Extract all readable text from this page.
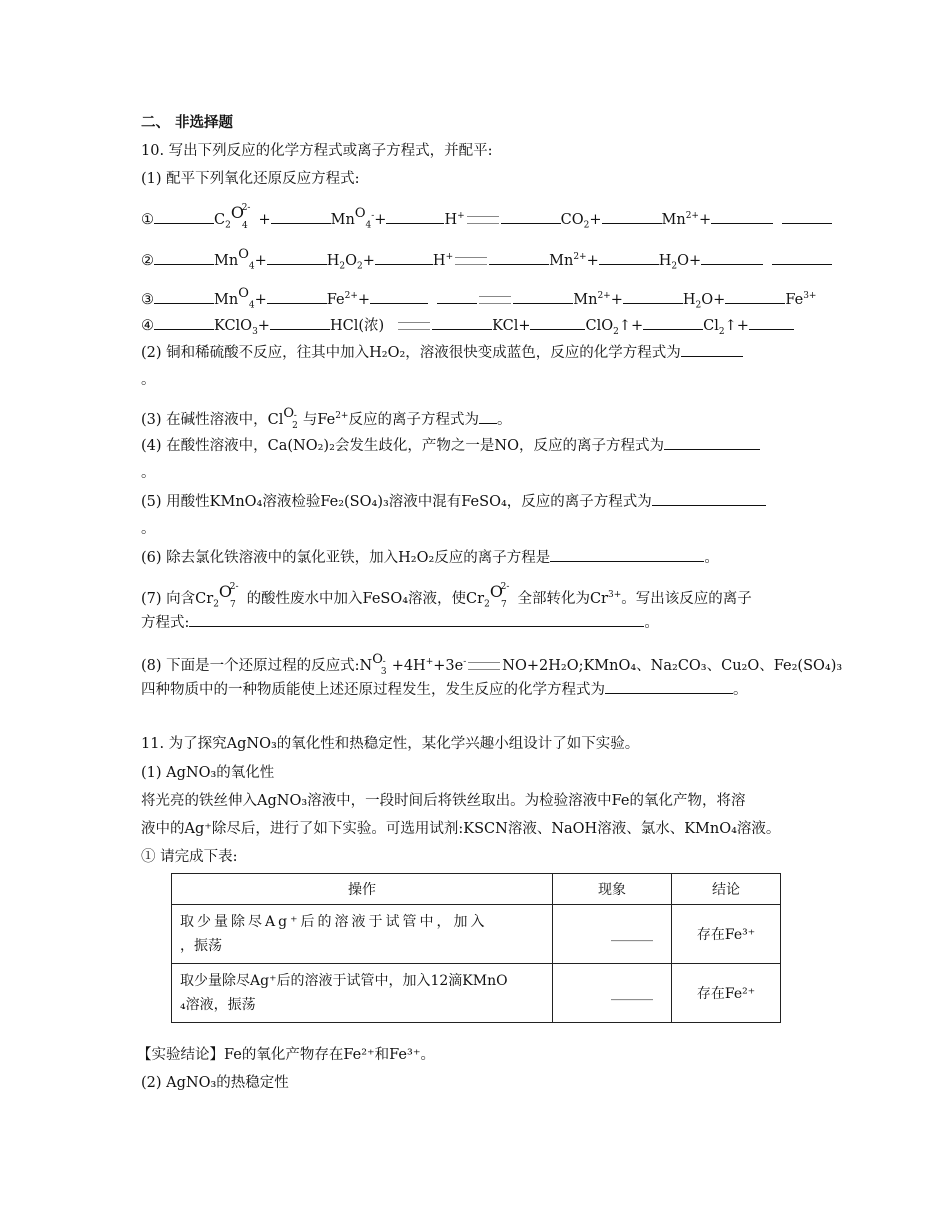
二、 非选择题
10. 写出下列反应的化学方程式或离子方程式，并配平:
(1) 配平下列氧化还原反应方程式:
①	$C_2O_4^{2-}+$	MnO$_4$-+	H+	$CO_2+$	$Mn^{2+}+$
②	MnO$_4$+	$H_2O_2+$	H+	$Mn^{2+}+$	$H_2O+$
③	MnO$_4$+	$Fe^{2+}+$	$Mn^{2+}+$	$H_2O+$	$Fe^{3+}$
④	KClO$_3$+	HCl(浓)	KCl+	ClO$_2$↑+	$Cl_2↑+$
(2) 铜和稀硫酸不反应，往其中加入H₂O₂，溶液很快变成蓝色，反应的化学方程式为
。
(3) 在碱性溶液中，ClO$_2$- 与$Fe^{2+}$反应的离子方程式为 。
(4) 在酸性溶液中，Ca(NO₂)₂会发生歧化，产物之一是NO，反应的离子方程式为
。
(5) 用酸性KMnO₄溶液检验Fe₂(SO₄)₃溶液中混有FeSO₄，反应的离子方程式为
。
(6) 除去氯化铁溶液中的氯化亚铁，加入H₂O₂反应的离子方程是	。
(7) 向含$Cr_2O_7^{2-}$的酸性废水中加入FeSO₄溶液，使$Cr_2O_7^{2-}$全部转化为$Cr^{3+}$。写出该反应的离子
方程式:	。
(8) 下面是一个还原过程的反应式$:NO_3^- +4H^++3e^-$ NO+2H₂O;KMnO₄、Na₂CO₃、Cu₂O、Fe₂(SO₄)₃
四种物质中的一种物质能使上述还原过程发生，发生反应的化学方程式为	。
11. 为了探究AgNO₃的氧化性和热稳定性，某化学兴趣小组设计了如下实验。
(1) AgNO₃的氧化性
将光亮的铁丝伸入AgNO₃溶液中，一段时间后将铁丝取出。为检验溶液中Fe的氧化产物，将溶
液中的Ag⁺除尽后，进行了如下实验。可选用试剂:KSCN溶液、NaOH溶液、氯水、KMnO₄溶液。
① 请完成下表:
操作	现象	结论

取少量除尽Ag⁺后的溶液于试管中，加入
，振荡	______	存在Fe³⁺

取少量除尽Ag⁺后的溶液于试管中，加入12滴KMnO
₄溶液，振荡	______	存在Fe²⁺
【实验结论】Fe的氧化产物存在Fe²⁺和Fe³⁺。
(2) AgNO₃的热稳定性
